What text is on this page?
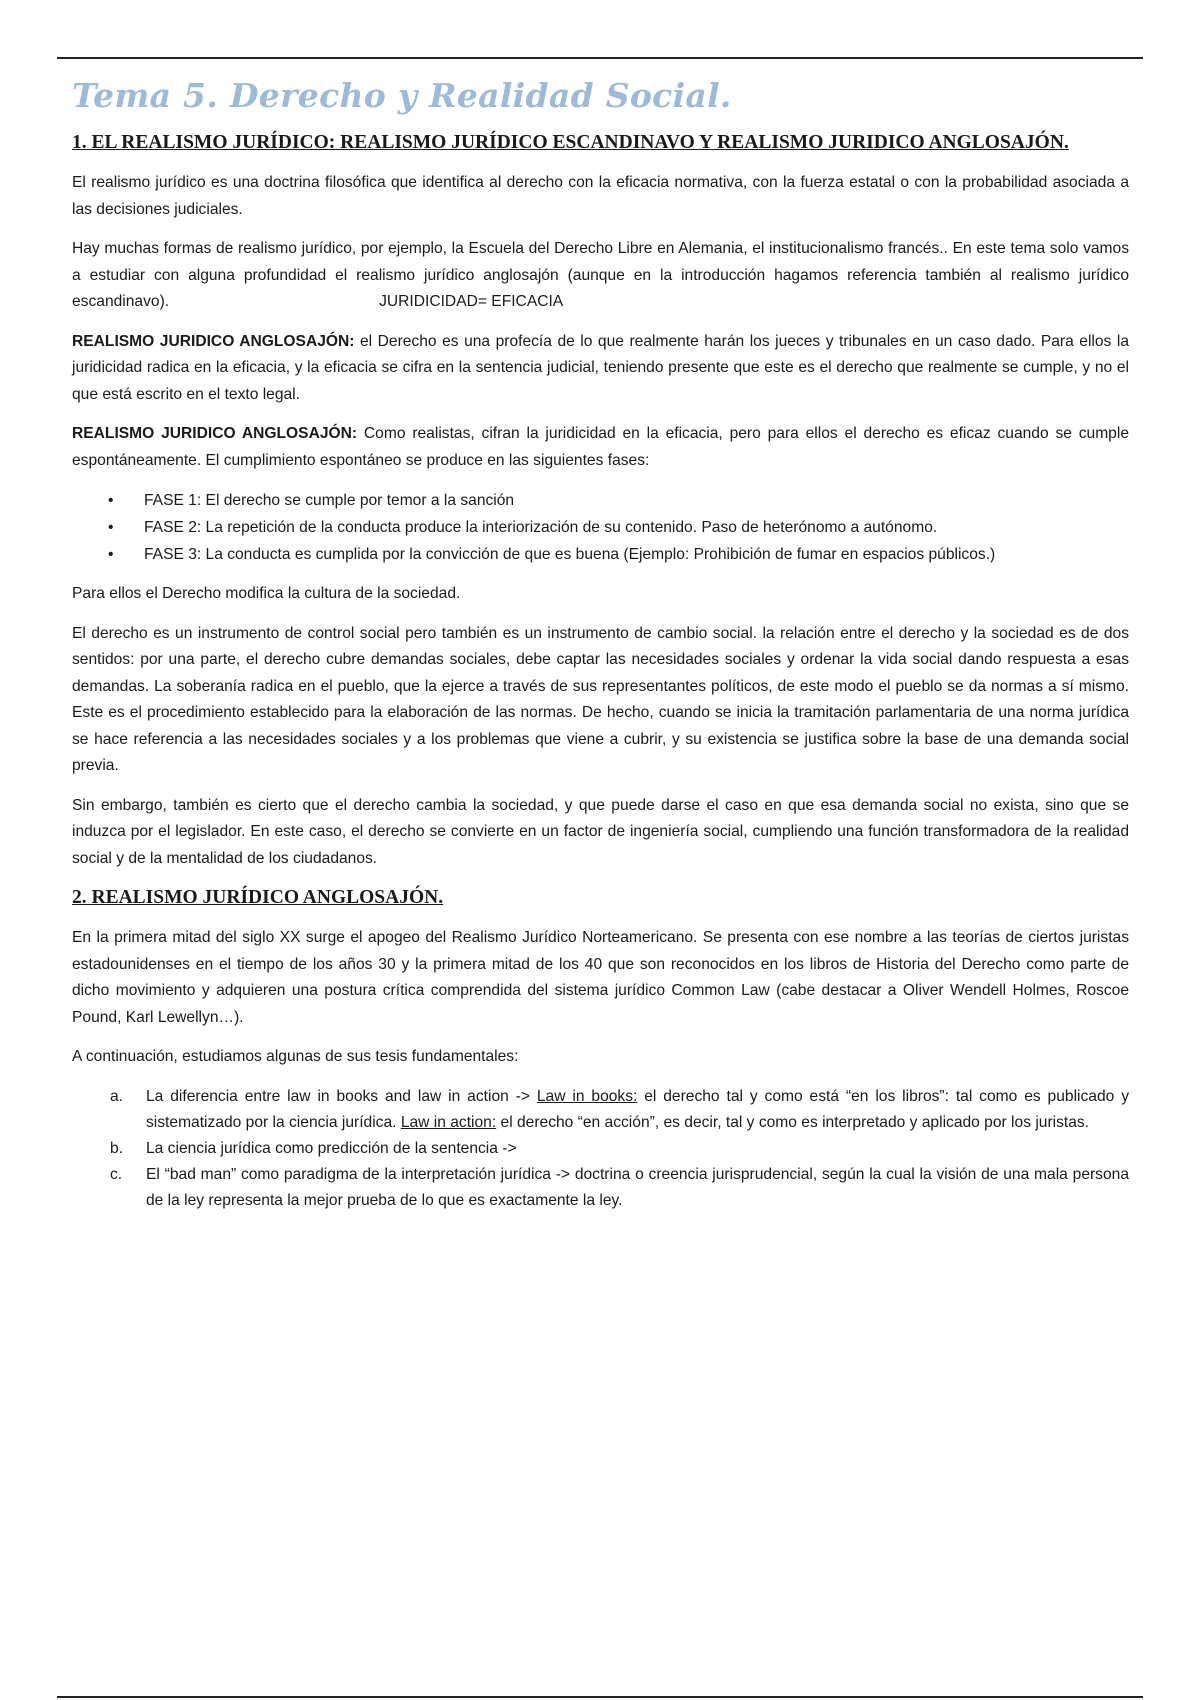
Tema 5. Derecho y Realidad Social.
1. EL REALISMO JURÍDICO: REALISMO JURÍDICO ESCANDINAVO Y REALISMO JURIDICO ANGLOSAJÓN.

El realismo jurídico es una doctrina filosófica que identifica al derecho con la eficacia normativa, con la fuerza estatal o con la probabilidad asociada a las decisiones judiciales.

Hay muchas formas de realismo jurídico, por ejemplo, la Escuela del Derecho Libre en Alemania, el institucionalismo francés.. En este tema solo vamos a estudiar con alguna profundidad el realismo jurídico anglosajón (aunque en la introducción hagamos referencia también al realismo jurídico escandinavo).	JURIDICIDAD= EFICACIA

REALISMO JURIDICO ANGLOSAJÓN: el Derecho es una profecía de lo que realmente harán los jueces y tribunales en un caso dado. Para ellos la juridicidad radica en la eficacia, y la eficacia se cifra en la sentencia judicial, teniendo presente que este es el derecho que realmente se cumple, y no el que está escrito en el texto legal.

REALISMO JURIDICO ANGLOSAJÓN: Como realistas, cifran la juridicidad en la eficacia, pero para ellos el derecho es eficaz cuando se cumple espontáneamente. El cumplimiento espontáneo se produce en las siguientes fases:

• FASE 1: El derecho se cumple por temor a la sanción
• FASE 2: La repetición de la conducta produce la interiorización de su contenido. Paso de heterónomo a autónomo.
• FASE 3: La conducta es cumplida por la convicción de que es buena (Ejemplo: Prohibición de fumar en espacios públicos.)

Para ellos el Derecho modifica la cultura de la sociedad.

El derecho es un instrumento de control social pero también es un instrumento de cambio social. la relación entre el derecho y la sociedad es de dos sentidos: por una parte, el derecho cubre demandas sociales, debe captar las necesidades sociales y ordenar la vida social dando respuesta a esas demandas. La soberanía radica en el pueblo, que la ejerce a través de sus representantes políticos, de este modo el pueblo se da normas a sí mismo. Este es el procedimiento establecido para la elaboración de las normas. De hecho, cuando se inicia la tramitación parlamentaria de una norma jurídica se hace referencia a las necesidades sociales y a los problemas que viene a cubrir, y su existencia se justifica sobre la base de una demanda social previa.

Sin embargo, también es cierto que el derecho cambia la sociedad, y que puede darse el caso en que esa demanda social no exista, sino que se induzca por el legislador. En este caso, el derecho se convierte en un factor de ingeniería social, cumpliendo una función transformadora de la realidad social y de la mentalidad de los ciudadanos.

2. REALISMO JURÍDICO ANGLOSAJÓN.

En la primera mitad del siglo XX surge el apogeo del Realismo Jurídico Norteamericano. Se presenta con ese nombre a las teorías de ciertos juristas estadounidenses en el tiempo de los años 30 y la primera mitad de los 40 que son reconocidos en los libros de Historia del Derecho como parte de dicho movimiento y adquieren una postura crítica comprendida del sistema jurídico Common Law (cabe destacar a Oliver Wendell Holmes, Roscoe Pound, Karl Lewellyn…).

A continuación, estudiamos algunas de sus tesis fundamentales:

a. La diferencia entre law in books and law in action -> Law in books: el derecho tal y como está “en los libros”: tal como es publicado y sistematizado por la ciencia jurídica. Law in action: el derecho “en acción”, es decir, tal y como es interpretado y aplicado por los juristas.
b. La ciencia jurídica como predicción de la sentencia ->
c. El “bad man” como paradigma de la interpretación jurídica -> doctrina o creencia jurisprudencial, según la cual la visión de una mala persona de la ley representa la mejor prueba de lo que es exactamente la ley.
